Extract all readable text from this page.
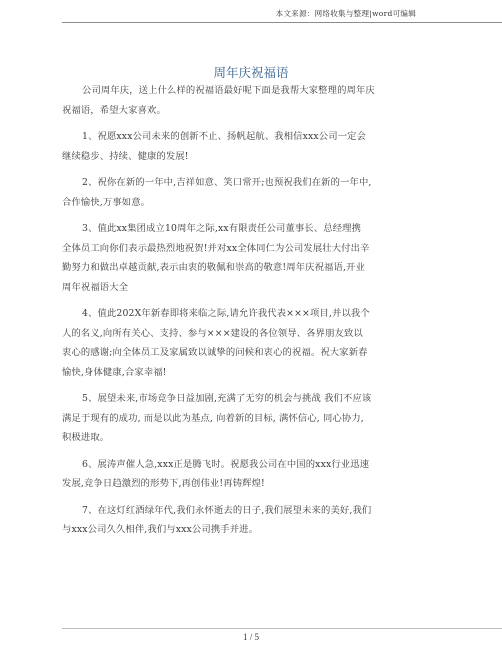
本文来源：网络收集与整理|word可编辑
周年庆祝福语

公司周年庆，送上什么样的祝福语最好呢下面是我帮大家整理的周年庆
祝福语，希望大家喜欢。

1、祝愿xxx公司未来的创新不止、扬帆起航、我相信xxx公司一定会
继续稳步、持续、健康的发展!

2、祝你在新的一年中,吉祥如意、笑口常开;也预祝我们在新的一年中,
合作愉快,万事如意。

3、值此xx集团成立10周年之际,xx有限责任公司董事长、总经理携
全体员工向你们表示最热烈地祝贺!并对xx全体同仁为公司发展壮大付出辛
勤努力和做出卓越贡献,表示由衷的敬佩和崇高的敬意!周年庆祝福语,开业
周年祝福语大全

4、值此202X年新春即将来临之际,请允许我代表×××项目,并以我个
人的名义,向所有关心、支持、参与×××建设的各位领导、各界朋友致以
衷心的感谢;向全体员工及家属致以诚挚的问候和衷心的祝福。祝大家新春
愉快,身体健康,合家幸福!

5、展望未来,市场竞争日益加剧,充满了无穷的机会与挑战 我们不应该
满足于现有的成功, 而是以此为基点, 向着新的目标, 满怀信心, 同心协力,
积极进取。

6、展涛声催人急,xxx正是腾飞时。祝愿我公司在中国的xxx行业迅速
发展,竞争日趋激烈的形势下,再创伟业!再铸辉煌!

7、在这灯红酒绿年代,我们永怀逝去的日子,我们展望未来的美好,我们
与xxx公司久久相伴,我们与xxx公司携手并进。

1 / 5
